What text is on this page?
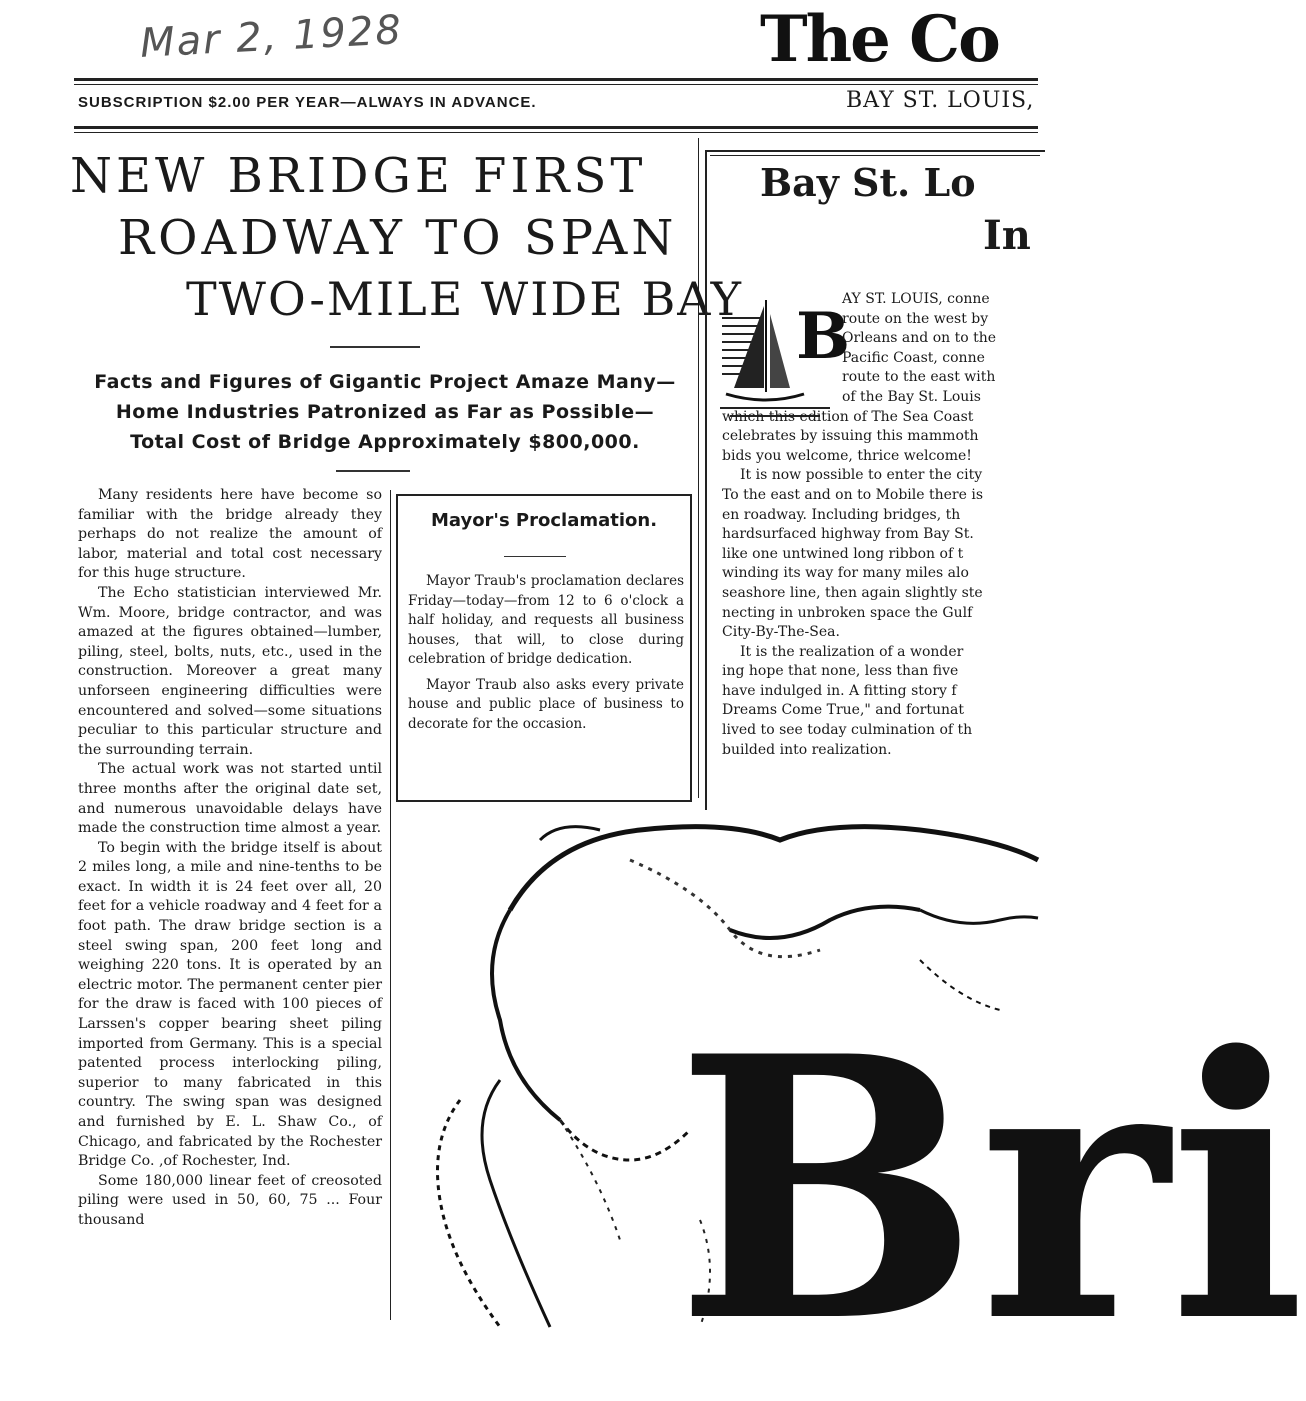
Mar 2, 1928	The Co
SUBSCRIPTION $2.00 PER YEAR—ALWAYS IN ADVANCE.	BAY ST. LOUIS,
NEW BRIDGE FIRST
ROADWAY TO SPAN
TWO-MILE WIDE BAY
Facts and Figures of Gigantic Project Amaze Many—
Home Industries Patronized as Far as Possible—
Total Cost of Bridge Approximately $800,000.

Many residents here have become so familiar with the bridge already they perhaps do not realize the amount of labor, material and total cost necessary for this huge structure.

The Echo statistician interviewed Mr. Wm. Moore, bridge contractor, and was amazed at the figures obtained—lumber, piling, steel, bolts, nuts, etc., used in the construction. Moreover a great many unforseen engineering difficulties were encountered and solved—some situations peculiar to this particular structure and the surrounding terrain.

The actual work was not started until three months after the original date set, and numerous unavoidable delays have made the construction time almost a year.

To begin with the bridge itself is about 2 miles long, a mile and nine-tenths to be exact. In width it is 24 feet over all, 20 feet for a vehicle roadway and 4 feet for a foot path. The draw bridge section is a steel swing span, 200 feet long and weighing 220 tons. It is operated by an electric motor. The permanent center pier for the draw is faced with 100 pieces of Larssen's copper bearing sheet piling imported from Germany. This is a special patented process interlocking piling, superior to many fabricated in this country. The swing span was designed and furnished by E. L. Shaw Co., of Chicago, and fabricated by the Rochester Bridge Co. ,of Rochester, Ind.

Some 180,000 linear feet of creosoted piling were used in 50, 60, 75 ... Four thousand

Mayor's Proclamation.

Mayor Traub's proclamation declares Friday—today—from 12 to 6 o'clock a half holiday, and requests all business houses, that will, to close during celebration of bridge dedication.

Mayor Traub also asks every private house and public place of business to decorate for the occasion.

Bay St. Lo
In
B
AY ST. LOUIS, conne
route on the west by
Orleans and on to the
Pacific Coast, conne
route to the east with
of the Bay St. Louis
which this edition of The Sea Coast
celebrates by issuing this mammoth
bids you welcome, thrice welcome!
It is now possible to enter the city
To the east and on to Mobile there is
en roadway. Including bridges, th
hardsurfaced highway from Bay St.
like one untwined long ribbon of t
winding its way for many miles alo
seashore line, then again slightly ste
necting in unbroken space the Gulf
City-By-The-Sea.
It is the realization of a wonder
ing hope that none, less than five
have indulged in. A fitting story f
Dreams Come True," and fortunat
lived to see today culmination of th
builded into realization.
Bri
